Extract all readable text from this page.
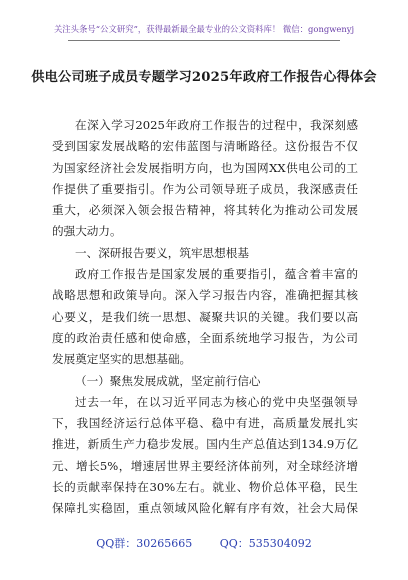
关注头条号“公文研究”，获得最新最全最专业的公文资料库！ 微信：gongwenyj
供电公司班子成员专题学习2025年政府工作报告心得体会
在深入学习2025年政府工作报告的过程中，我深刻感
受到国家发展战略的宏伟蓝图与清晰路径。这份报告不仅
为国家经济社会发展指明方向，也为国网XX供电公司的工
作提供了重要指引。作为公司领导班子成员，我深感责任
重大，必须深入领会报告精神，将其转化为推动公司发展
的强大动力。
一、深研报告要义，筑牢思想根基
政府工作报告是国家发展的重要指引，蕴含着丰富的
战略思想和政策导向。深入学习报告内容，准确把握其核
心要义，是我们统一思想、凝聚共识的关键。我们要以高
度的政治责任感和使命感，全面系统地学习报告，为公司
发展奠定坚实的思想基础。
（一）聚焦发展成就，坚定前行信心
过去一年，在以习近平同志为核心的党中央坚强领导
下，我国经济运行总体平稳、稳中有进，高质量发展扎实
推进，新质生产力稳步发展。国内生产总值达到134.9万亿
元、增长5%，增速居世界主要经济体前列，对全球经济增
长的贡献率保持在30%左右。就业、物价总体平稳，民生
保障扎实稳固，重点领域风险化解有序有效，社会大局保
QQ群：30265665	QQ：535304092
